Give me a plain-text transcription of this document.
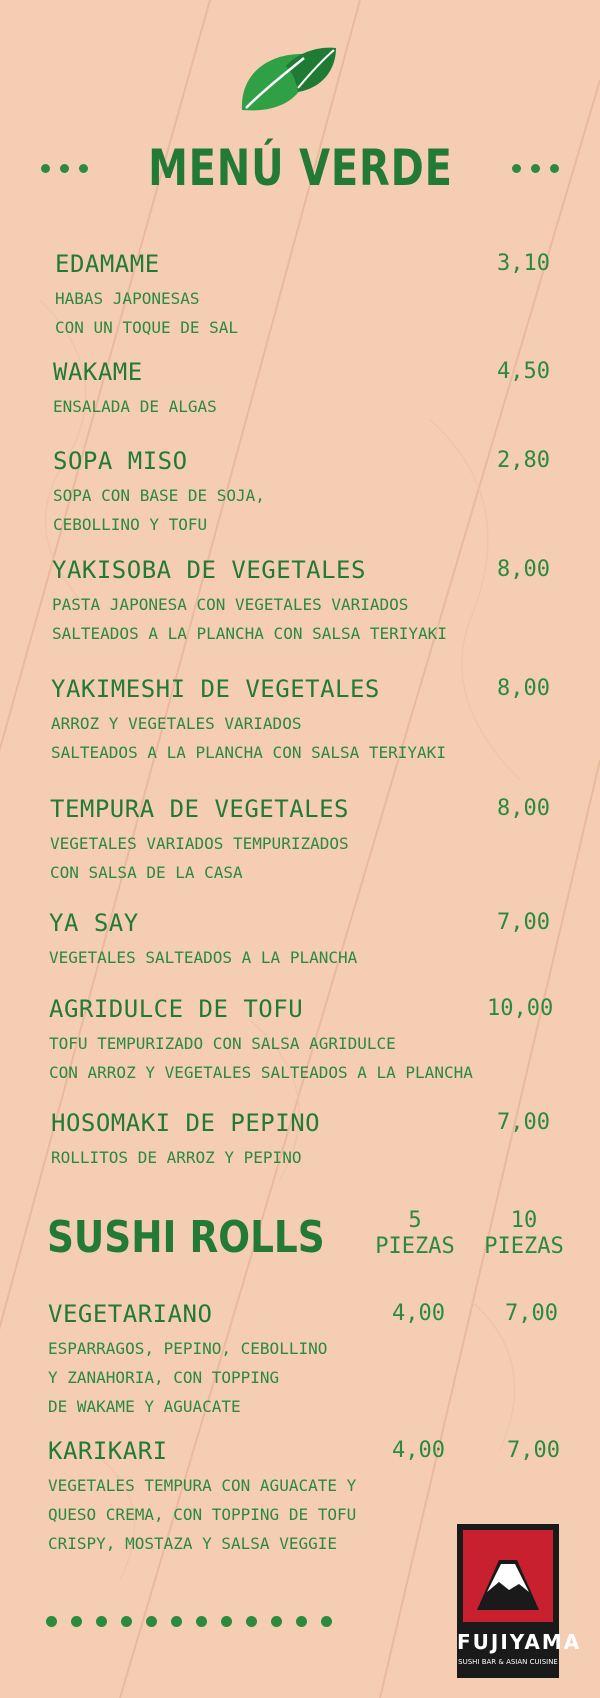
MENÚ VERDE
EDAMAME
HABAS JAPONESAS
CON UN TOQUE DE SAL
3,10
WAKAME
ENSALADA DE ALGAS
4,50
SOPA MISO
SOPA CON BASE DE SOJA,
CEBOLLINO Y TOFU
2,80
YAKISOBA DE VEGETALES
PASTA JAPONESA CON VEGETALES VARIADOS
SALTEADOS A LA PLANCHA CON SALSA TERIYAKI
8,00
YAKIMESHI DE VEGETALES
ARROZ Y VEGETALES VARIADOS
SALTEADOS A LA PLANCHA CON SALSA TERIYAKI
8,00
TEMPURA DE VEGETALES
VEGETALES VARIADOS TEMPURIZADOS
CON SALSA DE LA CASA
8,00
YA SAY
VEGETALES SALTEADOS A LA PLANCHA
7,00
AGRIDULCE DE TOFU
TOFU TEMPURIZADO CON SALSA AGRIDULCE
CON ARROZ Y VEGETALES SALTEADOS A LA PLANCHA
10,00
HOSOMAKI DE PEPINO
ROLLITOS DE ARROZ Y PEPINO
7,00
SUSHI ROLLS	5
PIEZAS
10
PIEZAS
VEGETARIANO
ESPARRAGOS, PEPINO, CEBOLLINO
Y ZANAHORIA, CON TOPPING
DE WAKAME Y AGUACATE
4,00	7,00
KARIKARI
VEGETALES TEMPURA CON AGUACATE Y
QUESO CREMA, CON TOPPING DE TOFU
CRISPY, MOSTAZA Y SALSA VEGGIE
4,00	7,00
FUJIYAMA
SUSHI BAR & ASIAN CUISINE
